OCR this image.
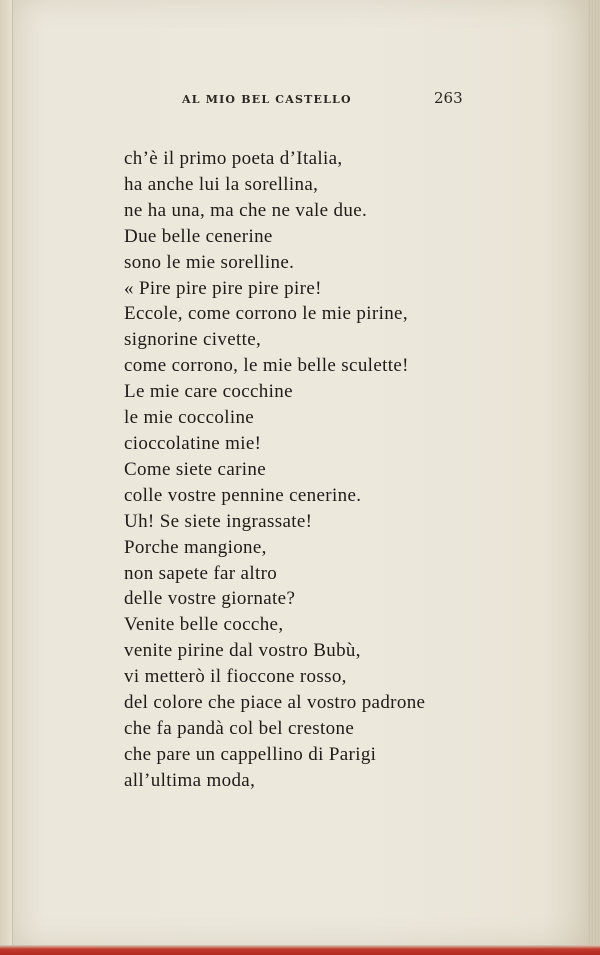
AL MIO BEL CASTELLO	263
ch’è il primo poeta d’Italia,
ha anche lui la sorellina,
ne ha una, ma che ne vale due.
Due belle cenerine
sono le mie sorelline.
« Pire pire pire pire pire!
Eccole, come corrono le mie pirine,
signorine civette,
come corrono, le mie belle sculette!
Le mie care cocchine
le mie coccoline
cioccolatine mie!
Come siete carine
colle vostre pennine cenerine.
Uh! Se siete ingrassate!
Porche mangione,
non sapete far altro
delle vostre giornate?
Venite belle cocche,
venite pirine dal vostro Bubù,
vi metterò il fioccone rosso,
del colore che piace al vostro padrone
che fa pandà col bel crestone
che pare un cappellino di Parigi
all’ultima moda,
